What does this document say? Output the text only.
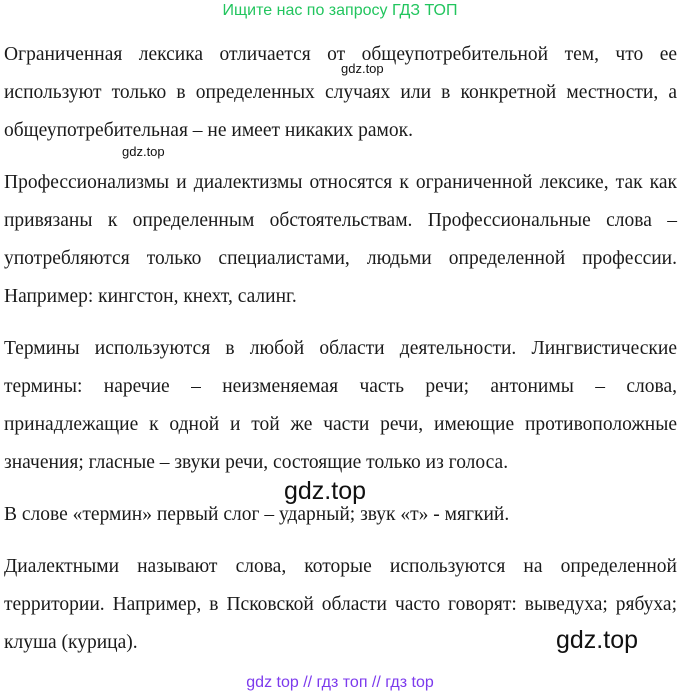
Ищите нас по запросу ГДЗ ТОП

Ограниченная лексика отличается от общеупотребительной тем, что ее используют только в определенных случаях или в конкретной местности, а общеупотребительная – не имеет никаких рамок.

Профессионализмы и диалектизмы относятся к ограниченной лексике, так как привязаны к определенным обстоятельствам. Профессиональные слова – употребляются только специалистами, людьми определенной профессии. Например: кингстон, кнехт, салинг.

Термины используются в любой области деятельности. Лингвистические термины: наречие – неизменяемая часть речи; антонимы – слова, принадлежащие к одной и той же части речи, имеющие противоположные значения; гласные – звуки речи, состоящие только из голоса.

В слове «термин» первый слог – ударный; звук «т» - мягкий.

Диалектными называют слова, которые используются на определенной территории. Например, в Псковской области часто говорят: выведуха; рябуха; клуша (курица).

gdz.top
gdz.top
gdz.top
gdz.top
gdz top // гдз топ // гдз top
